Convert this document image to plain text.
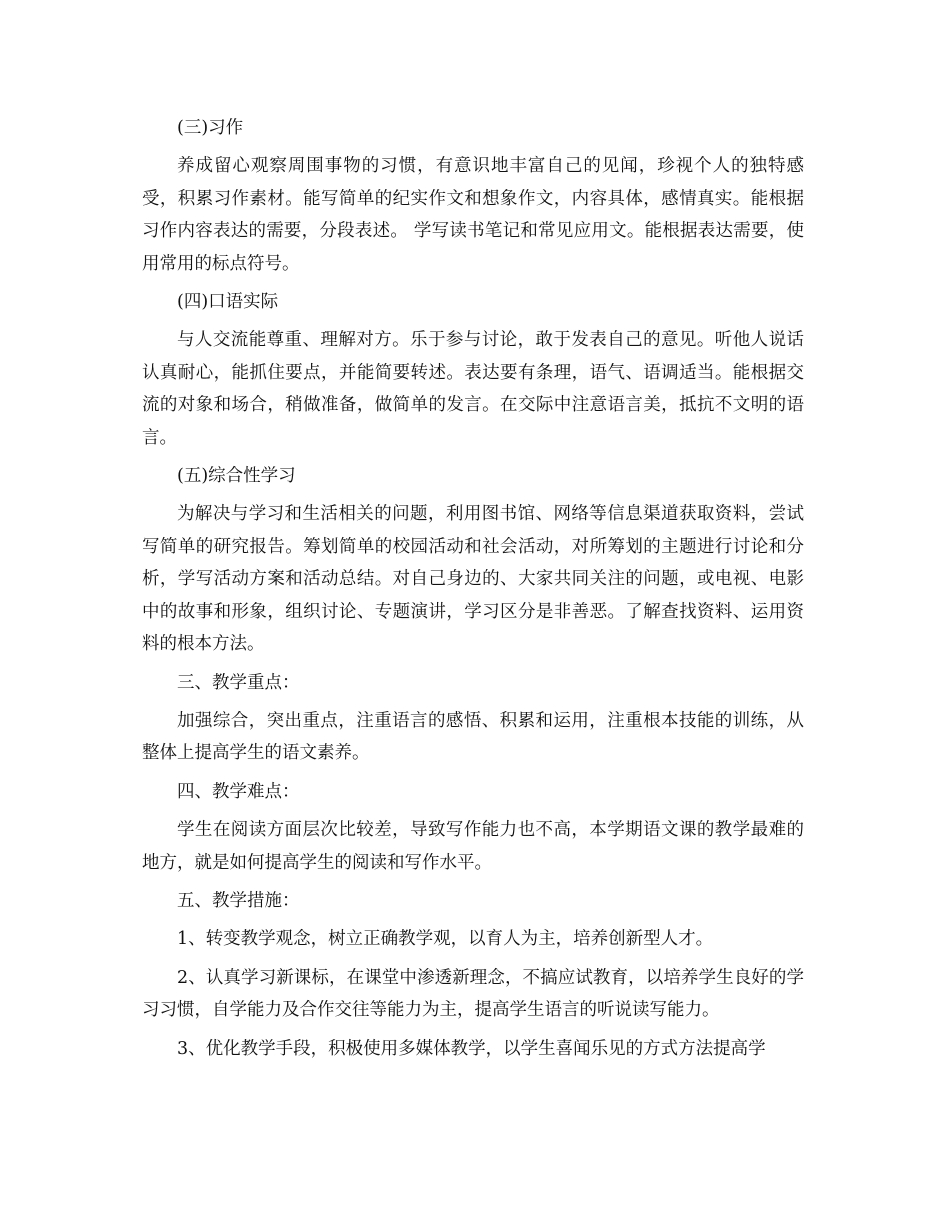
(三)习作

养成留心观察周围事物的习惯，有意识地丰富自己的见闻，珍视个人的独特感受，积累习作素材。能写简单的纪实作文和想象作文，内容具体，感情真实。能根据习作内容表达的需要，分段表述。 学写读书笔记和常见应用文。能根据表达需要，使用常用的标点符号。

(四)口语实际

与人交流能尊重、理解对方。乐于参与讨论，敢于发表自己的意见。听他人说话认真耐心，能抓住要点，并能简要转述。表达要有条理，语气、语调适当。能根据交流的对象和场合，稍做准备，做简单的发言。在交际中注意语言美，抵抗不文明的语言。

(五)综合性学习

为解决与学习和生活相关的问题，利用图书馆、网络等信息渠道获取资料，尝试写简单的研究报告。筹划简单的校园活动和社会活动，对所筹划的主题进行讨论和分析，学写活动方案和活动总结。对自己身边的、大家共同关注的问题，或电视、电影中的故事和形象，组织讨论、专题演讲，学习区分是非善恶。了解查找资料、运用资料的根本方法。

三、教学重点：

加强综合，突出重点，注重语言的感悟、积累和运用，注重根本技能的训练，从整体上提高学生的语文素养。

四、教学难点：

学生在阅读方面层次比较差，导致写作能力也不高，本学期语文课的教学最难的地方，就是如何提高学生的阅读和写作水平。

五、教学措施：

1、转变教学观念，树立正确教学观，以育人为主，培养创新型人才。

2、认真学习新课标，在课堂中渗透新理念，不搞应试教育，以培养学生良好的学习习惯，自学能力及合作交往等能力为主，提高学生语言的听说读写能力。

3、优化教学手段，积极使用多媒体教学，以学生喜闻乐见的方式方法提高学
